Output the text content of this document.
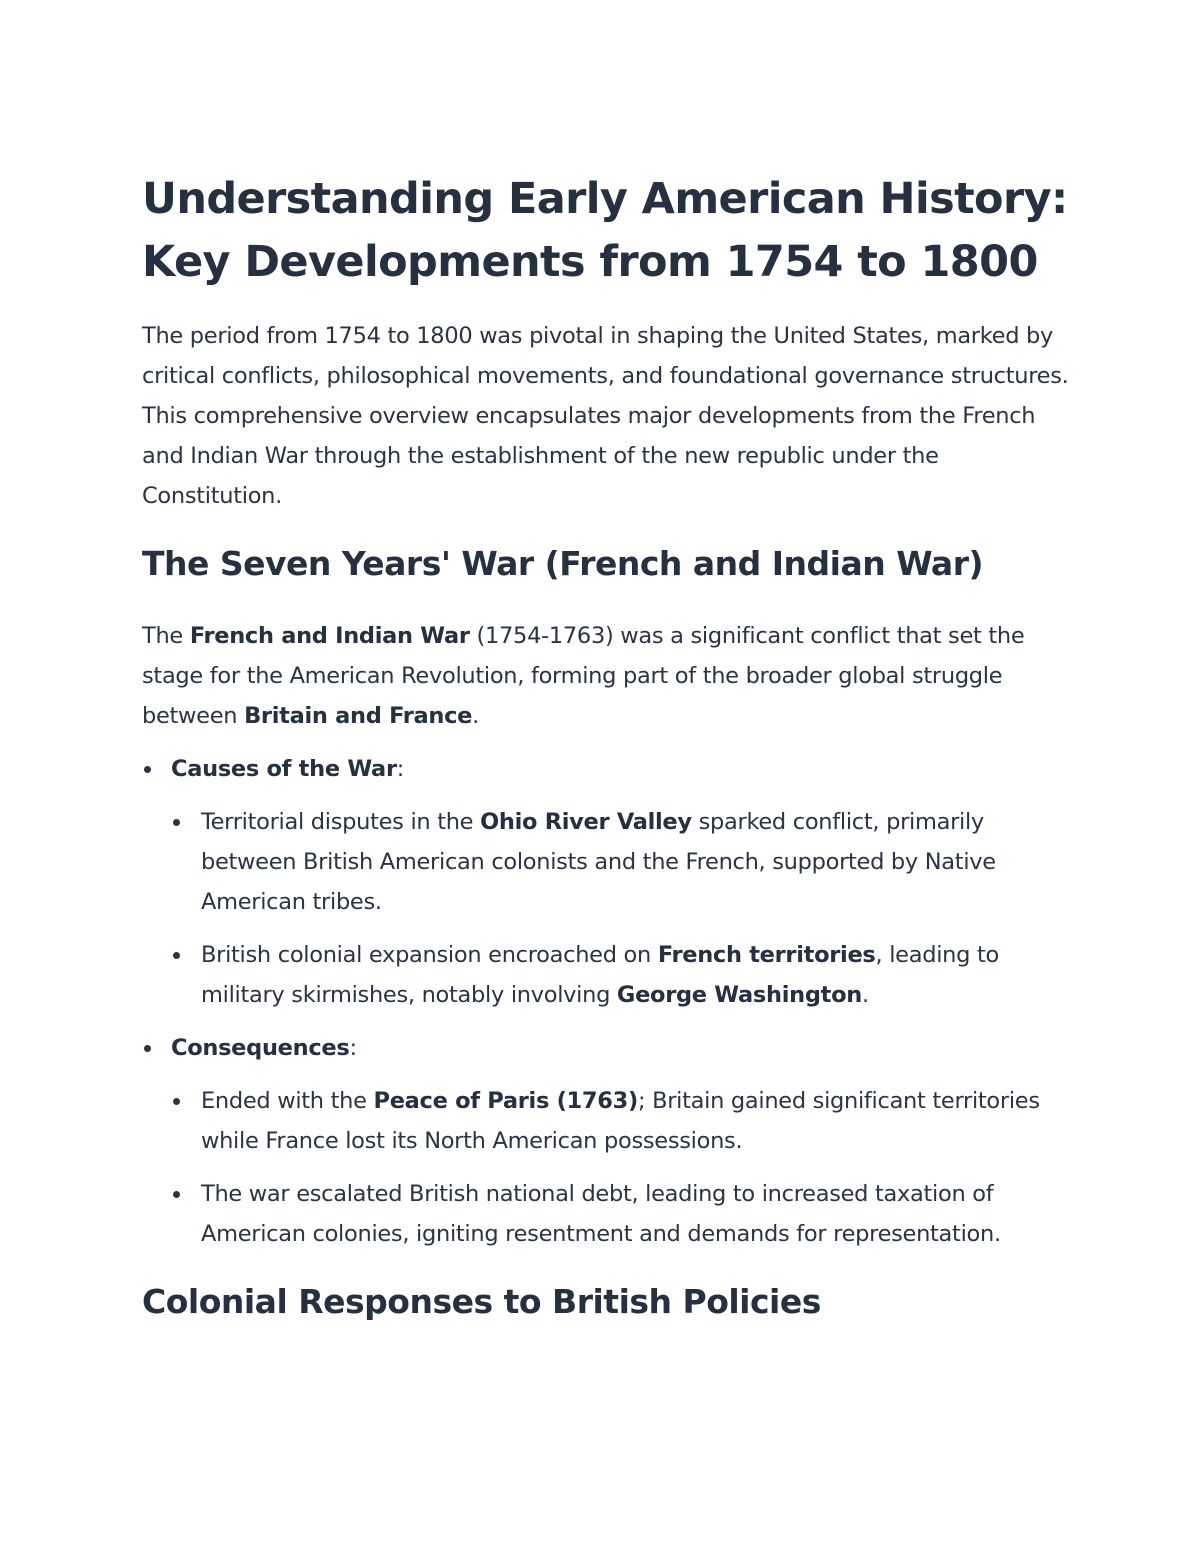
Understanding Early American History:
Key Developments from 1754 to 1800

The period from 1754 to 1800 was pivotal in shaping the United States, marked by critical conflicts, philosophical movements, and foundational governance structures. This comprehensive overview encapsulates major developments from the French and Indian War through the establishment of the new republic under the Constitution.

The Seven Years' War (French and Indian War)

The French and Indian War (1754-1763) was a significant conflict that set the stage for the American Revolution, forming part of the broader global struggle between Britain and France.

Causes of the War:
Territorial disputes in the Ohio River Valley sparked conflict, primarily between British American colonists and the French, supported by Native American tribes.
British colonial expansion encroached on French territories, leading to military skirmishes, notably involving George Washington.
Consequences:
Ended with the Peace of Paris (1763); Britain gained significant territories while France lost its North American possessions.
The war escalated British national debt, leading to increased taxation of American colonies, igniting resentment and demands for representation.
Colonial Responses to British Policies
